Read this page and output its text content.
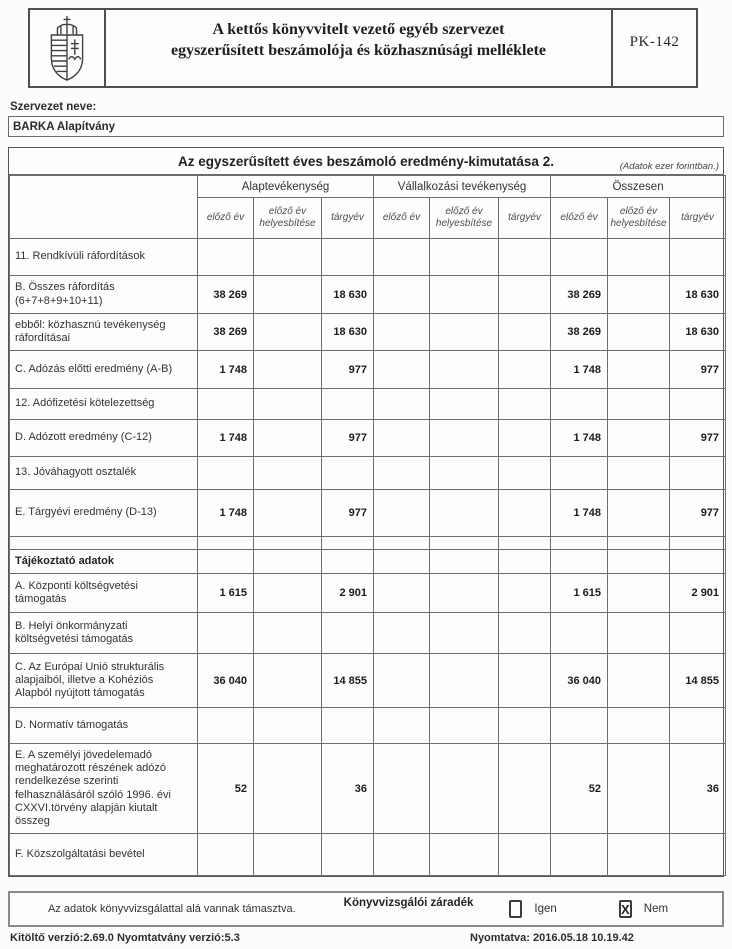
A kettős könyvvitelt vezető egyéb szervezet
egyszerűsített beszámolója és közhasznúsági melléklete
PK-142
Szervezet neve:
BARKA Alapítvány
Az egyszerűsített éves beszámoló eredmény-kimutatása 2.	(Adatok ezer forintban.)
	Alaptevékenység			Vállalkozási tevékenység			Összesen		
	előző év	előző év helyesbítése	tárgyév	előző év	előző év helyesbítése	tárgyév	előző év	előző év helyesbítése	tárgyév
11. Rendkívüli ráfordítások									
B. Összes ráfordítás (6+7+8+9+10+11)	38 269		18 630				38 269		18 630
ebből: közhasznú tevékenység ráfordításai	38 269		18 630				38 269		18 630
C. Adózás előtti eredmény (A-B)	1 748		977				1 748		977
12. Adófizetési kötelezettség									
D. Adózott eredmény (C-12)	1 748		977				1 748		977
13. Jóváhagyott osztalék									
E. Tárgyévi eredmény (D-13)	1 748		977				1 748		977

Tájékoztató adatok									
A. Központi költségvetési támogatás	1 615		2 901				1 615		2 901
B. Helyi önkormányzati költségvetési támogatás									
C. Az Európai Unió strukturális alapjaiból, illetve a Kohéziós Alapból nyújtott támogatás	36 040		14 855				36 040		14 855
D. Normatív támogatás									
E. A személyi jövedelemadó meghatározott részének adózó rendelkezése szerinti felhasználásáról szóló 1996. évi CXXVI.törvény alapján kiutalt összeg	52		36				52		36
F. Közszolgáltatási bevétel									
Az adatok könyvvizsgálattal alá vannak támasztva.	Könyvvizsgálói záradék	Igen	X Nem
Kitöltő verzió:2.69.0 Nyomtatvány verzió:5.3	Nyomtatva: 2016.05.18 10.19.42
